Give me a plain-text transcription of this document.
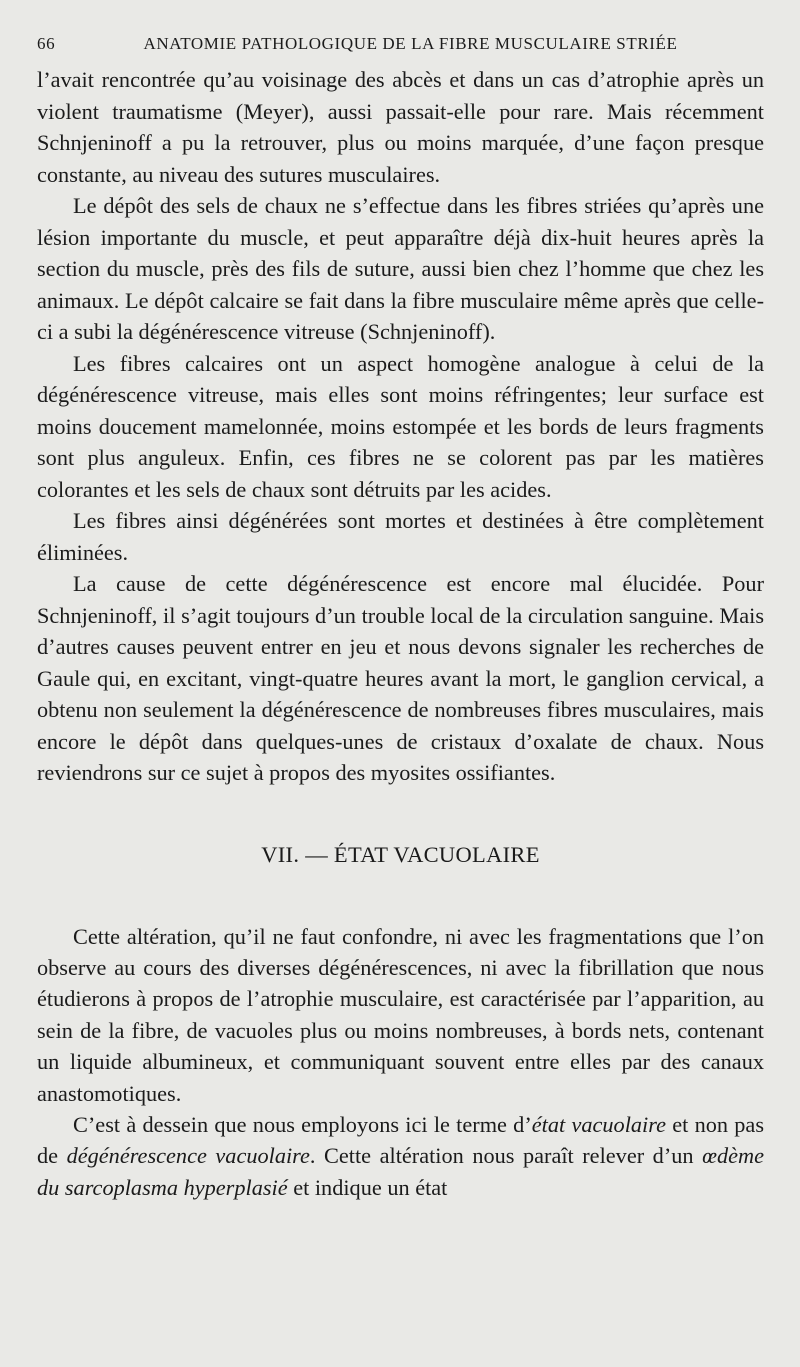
66	ANATOMIE PATHOLOGIQUE DE LA FIBRE MUSCULAIRE STRIÉE

l’avait rencontrée qu’au voisinage des abcès et dans un cas d’atrophie après un violent traumatisme (Meyer), aussi passait-elle pour rare. Mais récemment Schnjeninoff a pu la retrouver, plus ou moins marquée, d’une façon presque constante, au niveau des sutures musculaires.

Le dépôt des sels de chaux ne s’effectue dans les fibres striées qu’après une lésion importante du muscle, et peut apparaître déjà dix-huit heures après la section du muscle, près des fils de suture, aussi bien chez l’homme que chez les animaux. Le dépôt calcaire se fait dans la fibre musculaire même après que celle-ci a subi la dégénérescence vitreuse (Schnjeninoff).

Les fibres calcaires ont un aspect homogène analogue à celui de la dégénérescence vitreuse, mais elles sont moins réfringentes; leur surface est moins doucement mamelonnée, moins estompée et les bords de leurs fragments sont plus anguleux. Enfin, ces fibres ne se colorent pas par les matières colorantes et les sels de chaux sont détruits par les acides.

Les fibres ainsi dégénérées sont mortes et destinées à être complètement éliminées.

La cause de cette dégénérescence est encore mal élucidée. Pour Schnjeninoff, il s’agit toujours d’un trouble local de la circulation sanguine. Mais d’autres causes peuvent entrer en jeu et nous devons signaler les recherches de Gaule qui, en excitant, vingt-quatre heures avant la mort, le ganglion cervical, a obtenu non seulement la dégénérescence de nombreuses fibres musculaires, mais encore le dépôt dans quelques-unes de cristaux d’oxalate de chaux. Nous reviendrons sur ce sujet à propos des myosites ossifiantes.

VII. — ÉTAT VACUOLAIRE

Cette altération, qu’il ne faut confondre, ni avec les fragmentations que l’on observe au cours des diverses dégénérescences, ni avec la fibrillation que nous étudierons à propos de l’atrophie musculaire, est caractérisée par l’apparition, au sein de la fibre, de vacuoles plus ou moins nombreuses, à bords nets, contenant un liquide albumineux, et communiquant souvent entre elles par des canaux anastomotiques.

C’est à dessein que nous employons ici le terme d’état vacuolaire et non pas de dégénérescence vacuolaire. Cette altération nous paraît relever d’un œdème du sarcoplasma hyperplasié et indique un état
